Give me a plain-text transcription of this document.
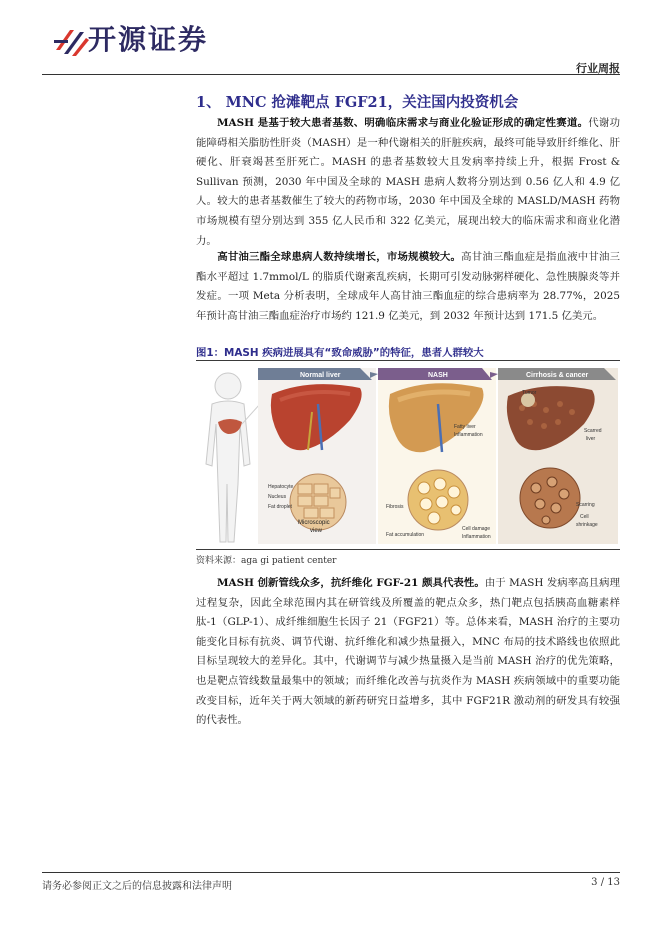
开源证券
行业周报
1、 MNC 抢滩靶点 FGF21，关注国内投资机会

MASH 是基于较大患者基数、明确临床需求与商业化验证形成的确定性赛道。代谢功能障碍相关脂肪性肝炎（MASH）是一种代谢相关的肝脏疾病，最终可能导致肝纤维化、肝硬化、肝衰竭甚至肝死亡。MASH 的患者基数较大且发病率持续上升，根据 Frost & Sullivan 预测，2030 年中国及全球的 MASH 患病人数将分别达到 0.56 亿人和 4.9 亿人。较大的患者基数催生了较大的药物市场，2030 年中国及全球的 MASLD/MASH 药物市场规模有望分别达到 355 亿人民币和 322 亿美元，展现出较大的临床需求和商业化潜力。

高甘油三酯全球患病人数持续增长，市场规模较大。高甘油三酯血症是指血液中甘油三酯水平超过 1.7mmol/L 的脂质代谢紊乱疾病，长期可引发动脉粥样硬化、急性胰腺炎等并发症。一项 Meta 分析表明，全球成年人高甘油三酯血症的综合患病率为 28.77%，2025 年预计高甘油三酯血症治疗市场约 121.9 亿美元，到 2032 年预计达到 171.5 亿美元。

图1：MASH 疾病进展具有“致命威胁”的特征，患者人群较大
Normal liver
Hepatocyte
Nucleus
Fat droplet
Microscopic
view
NASH
Fatty liver
Inflammation
Fibrosis
Fat accumulation
Cell damage
Inflammation
Cirrhosis & cancer
Tumor
Scarred
liver
Scarring
Cell
shrinkage
资料来源：aga gi patient center

MASH 创新管线众多，抗纤维化 FGF-21 颇具代表性。由于 MASH 发病率高且病理过程复杂，因此全球范围内其在研管线及所覆盖的靶点众多，热门靶点包括胰高血糖素样肽-1（GLP-1）、成纤维细胞生长因子 21（FGF21）等。总体来看，MASH 治疗的主要功能变化目标有抗炎、调节代谢、抗纤维化和减少热量摄入，MNC 布局的技术路线也依照此目标呈现较大的差异化。其中，代谢调节与减少热量摄入是当前 MASH 治疗的优先策略，也是靶点管线数量最集中的领域；而纤维化改善与抗炎作为 MASH 疾病领域中的重要功能改变目标，近年关于两大领域的新药研究日益增多，其中 FGF21R 激动剂的研发具有较强的代表性。

请务必参阅正文之后的信息披露和法律声明	3 / 13
